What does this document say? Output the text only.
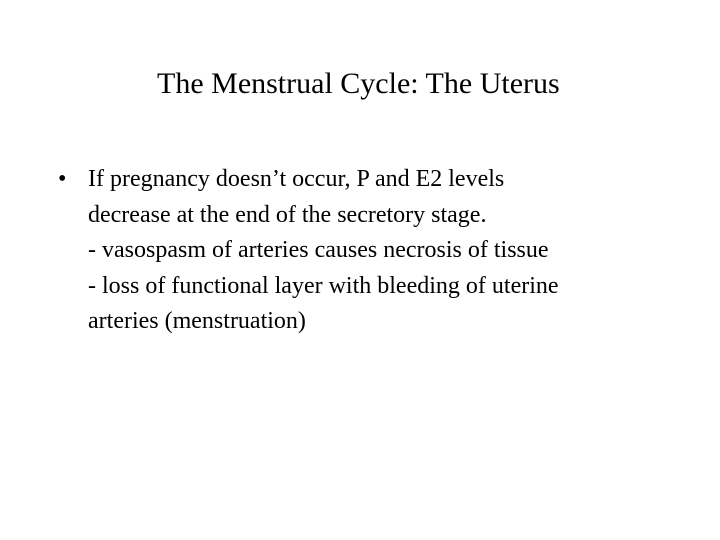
The Menstrual Cycle: The Uterus
• If pregnancy doesn’t occur, P and E2 levels
decrease at the end of the secretory stage.
- vasospasm of arteries causes necrosis of tissue
- loss of functional layer with bleeding of uterine
arteries (menstruation)
